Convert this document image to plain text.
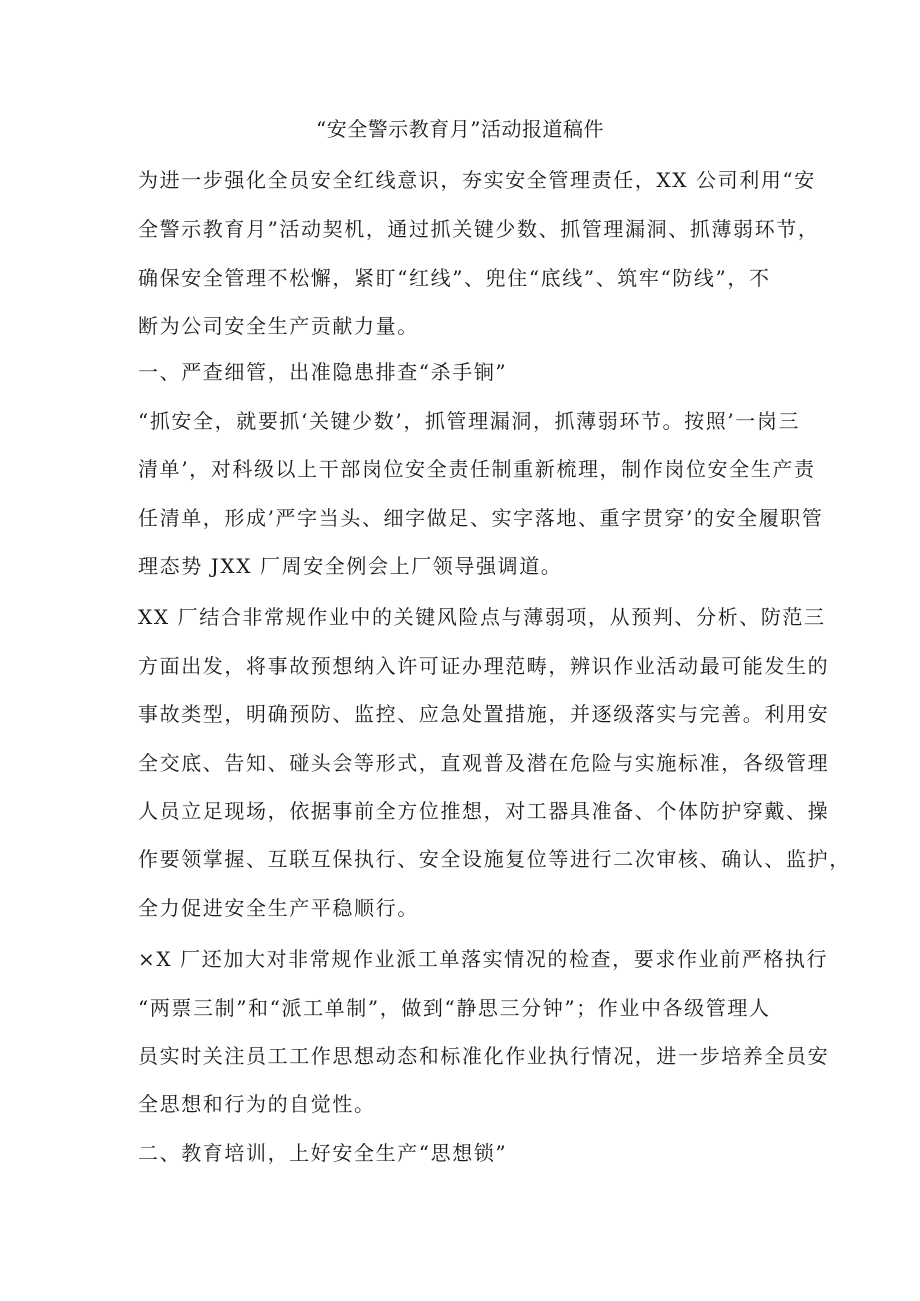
“安全警示教育月”活动报道稿件
为进一步强化全员安全红线意识，夯实安全管理责任，XX 公司利用“安
全警示教育月”活动契机，通过抓关键少数、抓管理漏洞、抓薄弱环节，
确保安全管理不松懈，紧盯“红线”、兜住“底线”、筑牢“防线”，不
断为公司安全生产贡献力量。
一、严查细管，出准隐患排查“杀手锏”
“抓安全，就要抓‘关键少数’，抓管理漏洞，抓薄弱环节。按照’一岗三
清单’，对科级以上干部岗位安全责任制重新梳理，制作岗位安全生产责
任清单，形成’严字当头、细字做足、实字落地、重字贯穿’的安全履职管
理态势 JXX 厂周安全例会上厂领导强调道。
XX 厂结合非常规作业中的关键风险点与薄弱项，从预判、分析、防范三
方面出发，将事故预想纳入许可证办理范畴，辨识作业活动最可能发生的
事故类型，明确预防、监控、应急处置措施，并逐级落实与完善。利用安
全交底、告知、碰头会等形式，直观普及潜在危险与实施标准，各级管理
人员立足现场，依据事前全方位推想，对工器具准备、个体防护穿戴、操
作要领掌握、互联互保执行、安全设施复位等进行二次审核、确认、监护，
全力促进安全生产平稳顺行。
×X 厂还加大对非常规作业派工单落实情况的检查，要求作业前严格执行
“两票三制”和“派工单制”，做到“静思三分钟”；作业中各级管理人
员实时关注员工工作思想动态和标准化作业执行情况，进一步培养全员安
全思想和行为的自觉性。
二、教育培训，上好安全生产“思想锁”
